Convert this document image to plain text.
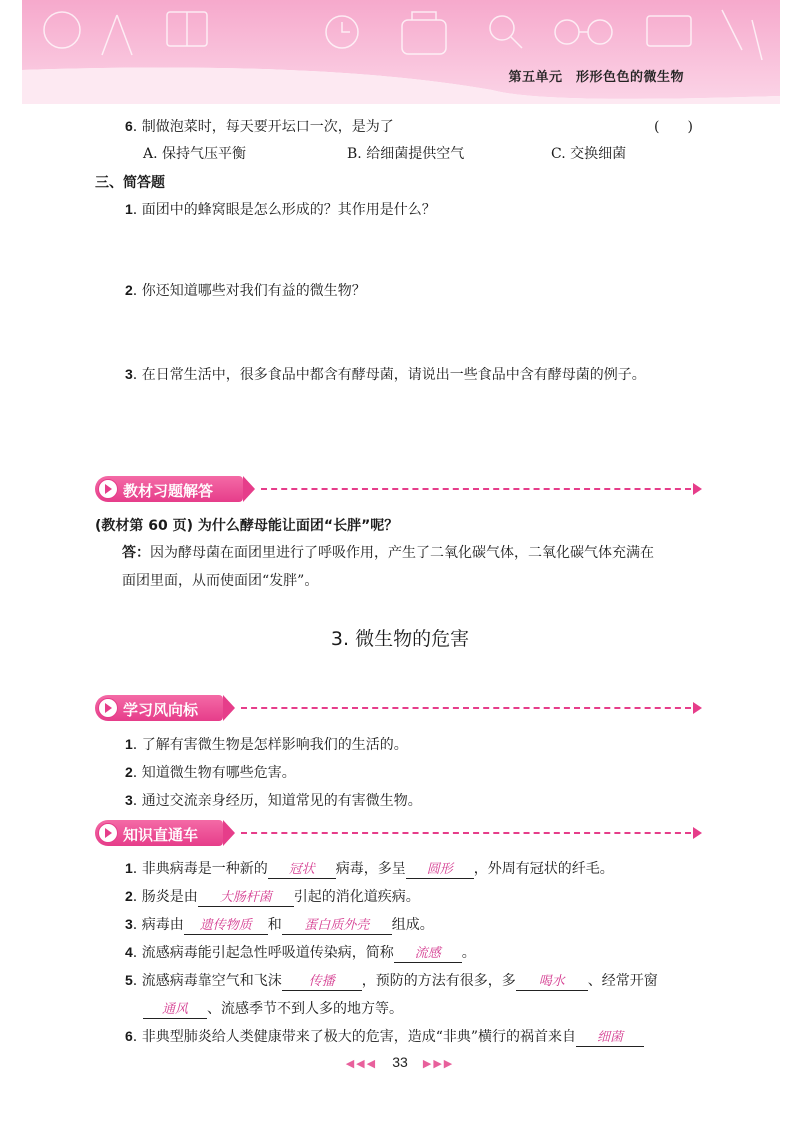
第五单元　形形色色的微生物
6. 制做泡菜时，每天要开坛口一次，是为了	(　　)
A. 保持气压平衡	B. 给细菌提供空气	C. 交换细菌
三、简答题
1. 面团中的蜂窝眼是怎么形成的？其作用是什么？
2. 你还知道哪些对我们有益的微生物？
3. 在日常生活中，很多食品中都含有酵母菌，请说出一些食品中含有酵母菌的例子。
教材习题解答
(教材第 60 页) 为什么酵母能让面团“长胖”呢？
答：因为酵母菌在面团里进行了呼吸作用，产生了二氧化碳气体，二氧化碳气体充满在
面团里面，从而使面团“发胖”。
3. 微生物的危害
学习风向标
1. 了解有害微生物是怎样影响我们的生活的。
2. 知道微生物有哪些危害。
3. 通过交流亲身经历，知道常见的有害微生物。
知识直通车
1. 非典病毒是一种新的 冠状 病毒，多呈 圆形 ，外周有冠状的纤毛。
2. 肠炎是由 大肠杆菌 引起的消化道疾病。
3. 病毒由 遗传物质 和 蛋白质外壳 组成。
4. 流感病毒能引起急性呼吸道传染病，简称 流感 。
5. 流感病毒靠空气和飞沫 传播 ，预防的方法有很多，多 喝水 、经常开窗
通风 、流感季节不到人多的地方等。
6. 非典型肺炎给人类健康带来了极大的危害，造成“非典”横行的祸首来自 细菌
◀◀◀ 33 ▶▶▶
